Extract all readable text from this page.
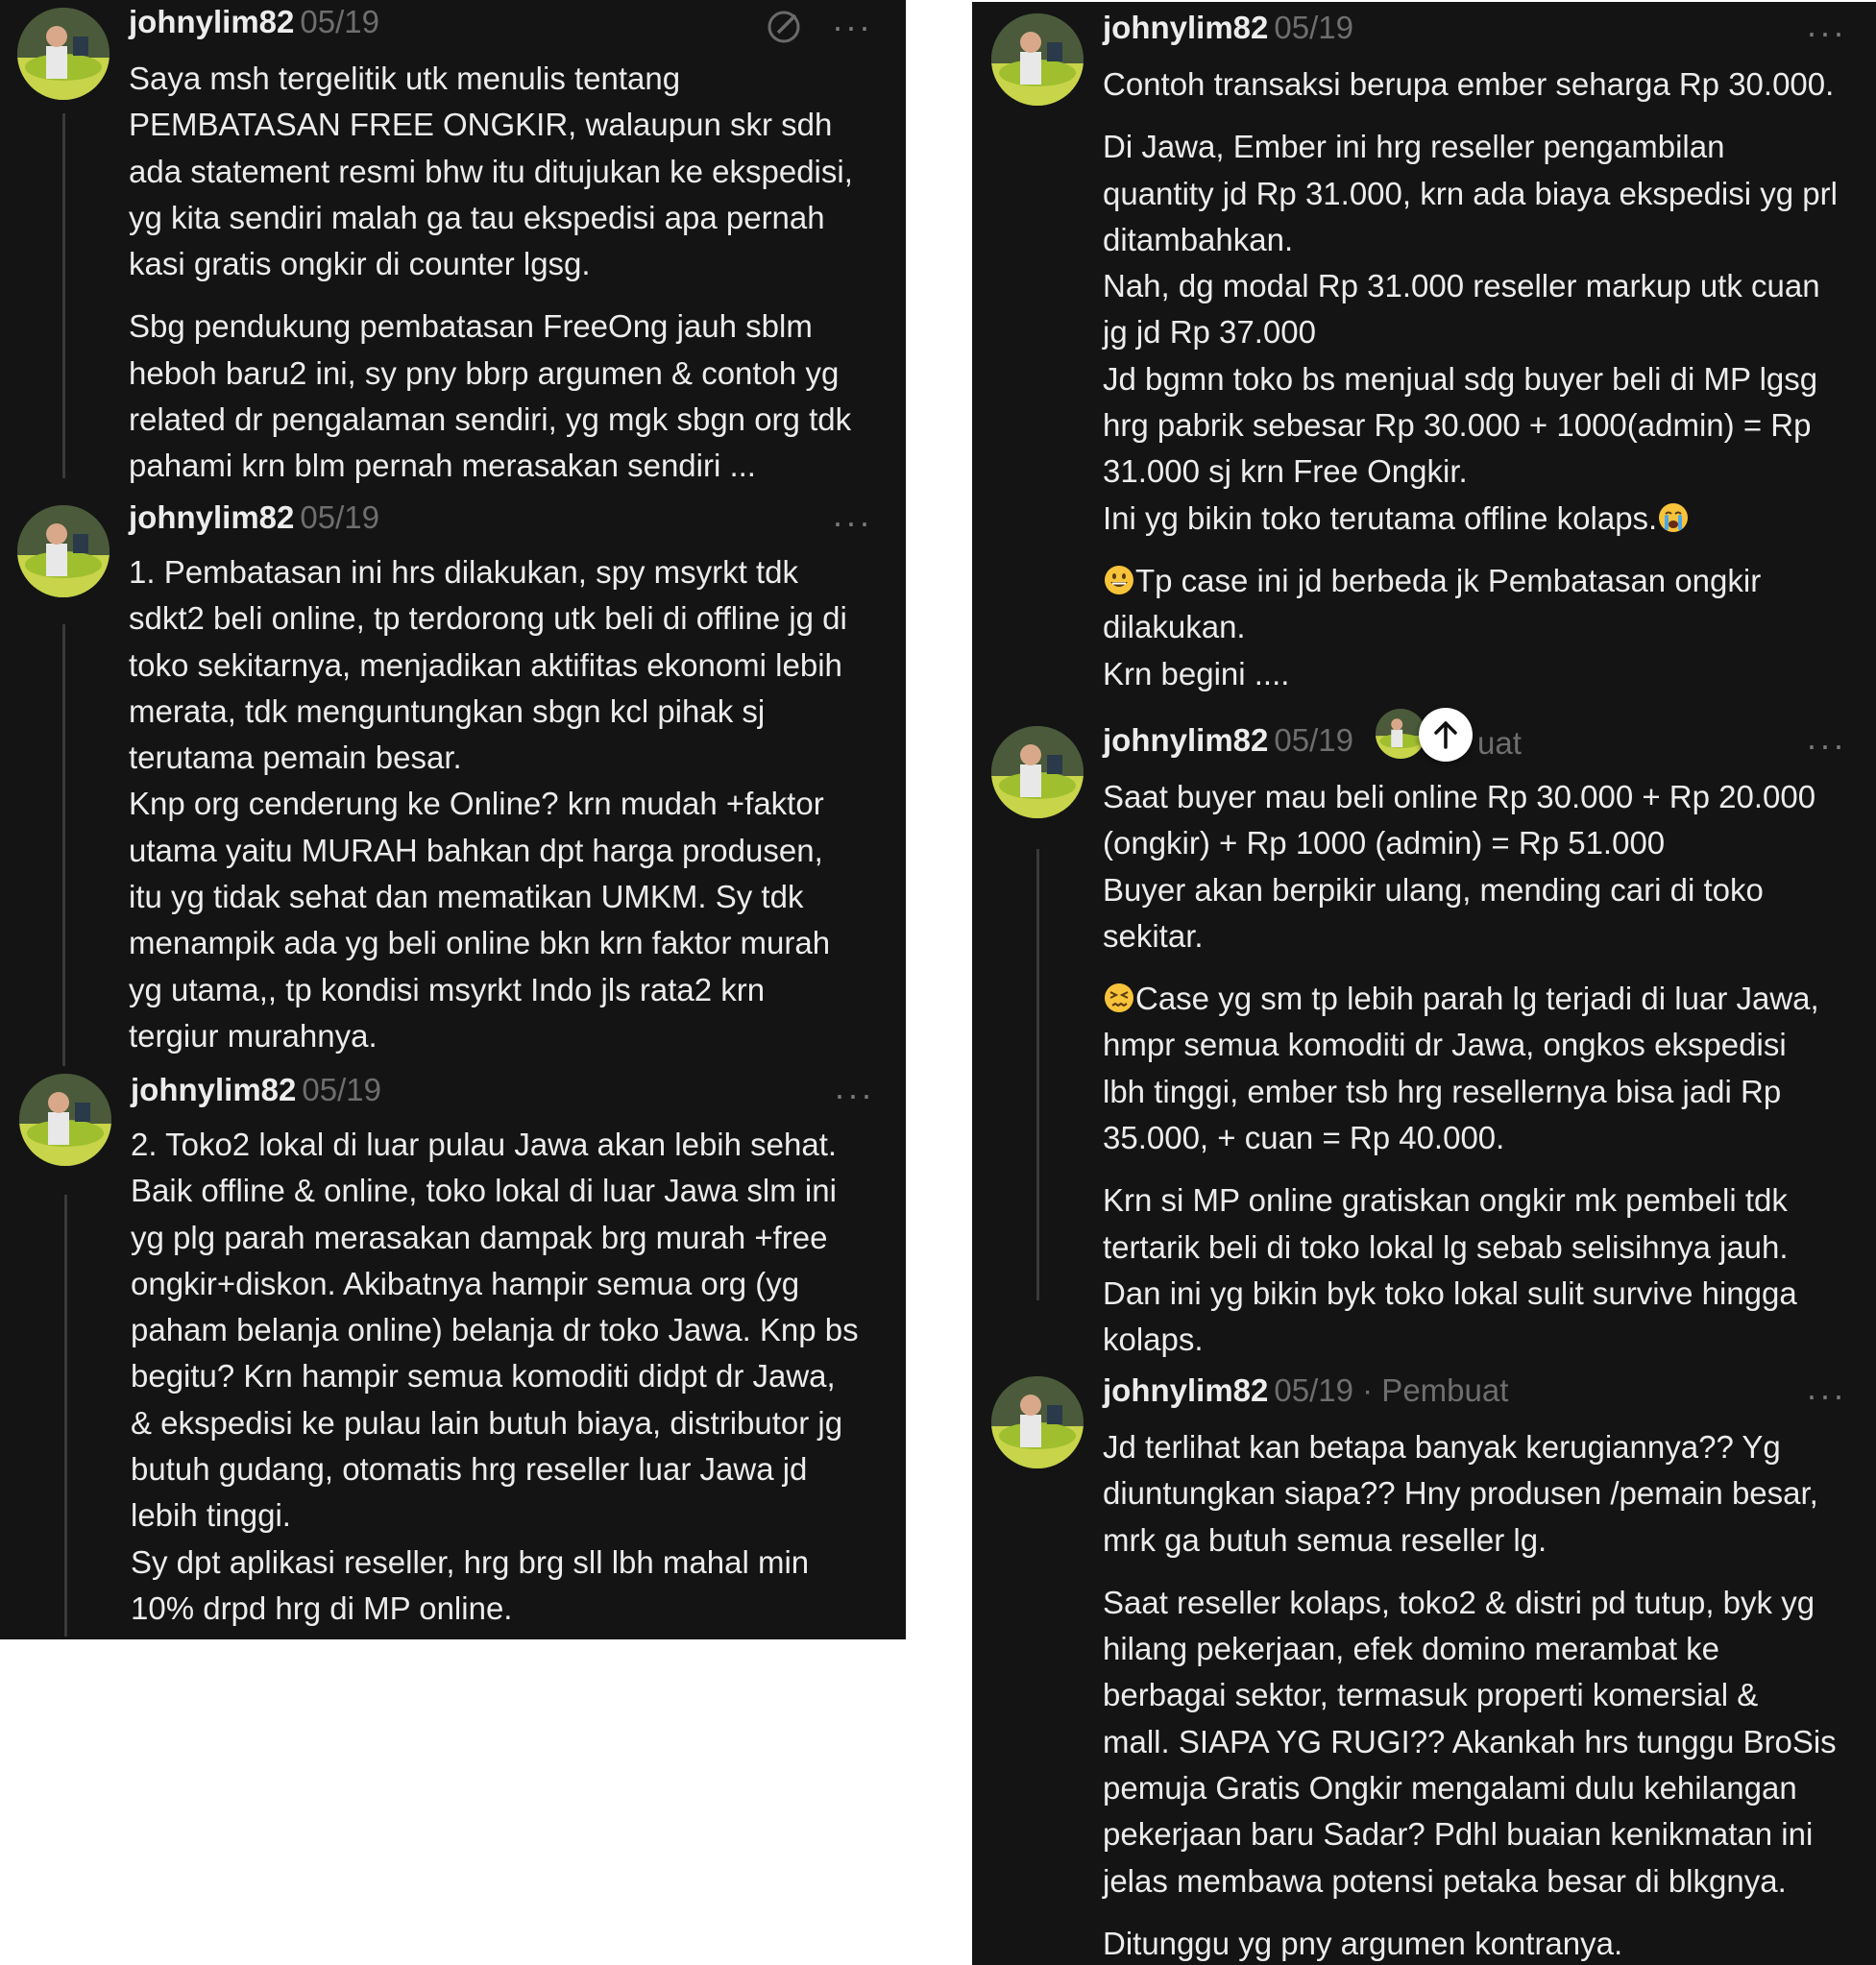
johnylim82 05/19	···

Saya msh tergelitik utk menulis tentang
PEMBATASAN FREE ONGKIR, walaupun skr sdh
ada statement resmi bhw itu ditujukan ke ekspedisi,
yg kita sendiri malah ga tau ekspedisi apa pernah
kasi gratis ongkir di counter lgsg.

Sbg pendukung pembatasan FreeOng jauh sblm
heboh baru2 ini, sy pny bbrp argumen & contoh yg
related dr pengalaman sendiri, yg mgk sbgn org tdk
pahami krn blm pernah merasakan sendiri ...

johnylim82 05/19	···

1. Pembatasan ini hrs dilakukan, spy msyrkt tdk
sdkt2 beli online, tp terdorong utk beli di offline jg di
toko sekitarnya, menjadikan aktifitas ekonomi lebih
merata, tdk menguntungkan sbgn kcl pihak sj
terutama pemain besar.
Knp org cenderung ke Online? krn mudah +faktor
utama yaitu MURAH bahkan dpt harga produsen,
itu yg tidak sehat dan mematikan UMKM. Sy tdk
menampik ada yg beli online bkn krn faktor murah
yg utama,, tp kondisi msyrkt Indo jls rata2 krn
tergiur murahnya.

johnylim82 05/19	···

2. Toko2 lokal di luar pulau Jawa akan lebih sehat.
Baik offline & online, toko lokal di luar Jawa slm ini
yg plg parah merasakan dampak brg murah +free
ongkir+diskon. Akibatnya hampir semua org (yg
paham belanja online) belanja dr toko Jawa. Knp bs
begitu? Krn hampir semua komoditi didpt dr Jawa,
& ekspedisi ke pulau lain butuh biaya, distributor jg
butuh gudang, otomatis hrg reseller luar Jawa jd
lebih tinggi.
Sy dpt aplikasi reseller, hrg brg sll lbh mahal min
10% drpd hrg di MP online.

johnylim82 05/19	···

Contoh transaksi berupa ember seharga Rp 30.000.

Di Jawa, Ember ini hrg reseller pengambilan
quantity jd Rp 31.000, krn ada biaya ekspedisi yg prl
ditambahkan.
Nah, dg modal Rp 31.000 reseller markup utk cuan
jg jd Rp 37.000
Jd bgmn toko bs menjual sdg buyer beli di MP lgsg
hrg pabrik sebesar Rp 30.000 + 1000(admin) = Rp
31.000 sj krn Free Ongkir.
Ini yg bikin toko terutama offline kolaps.

Tp case ini jd berbeda jk Pembatasan ongkir
dilakukan.
Krn begini ....

johnylim82 05/19	···

Saat buyer mau beli online Rp 30.000 + Rp 20.000
(ongkir) + Rp 1000 (admin) = Rp 51.000
Buyer akan berpikir ulang, mending cari di toko
sekitar.

Case yg sm tp lebih parah lg terjadi di luar Jawa,
hmpr semua komoditi dr Jawa, ongkos ekspedisi
lbh tinggi, ember tsb hrg resellernya bisa jadi Rp
35.000, + cuan = Rp 40.000.

Krn si MP online gratiskan ongkir mk pembeli tdk
tertarik beli di toko lokal lg sebab selisihnya jauh.
Dan ini yg bikin byk toko lokal sulit survive hingga
kolaps.

johnylim82 05/19 · Pembuat	···

Jd terlihat kan betapa banyak kerugiannya?? Yg
diuntungkan siapa?? Hny produsen /pemain besar,
mrk ga butuh semua reseller lg.

Saat reseller kolaps, toko2 & distri pd tutup, byk yg
hilang pekerjaan, efek domino merambat ke
berbagai sektor, termasuk properti komersial &
mall. SIAPA YG RUGI?? Akankah hrs tunggu BroSis
pemuja Gratis Ongkir mengalami dulu kehilangan
pekerjaan baru Sadar? Pdhl buaian kenikmatan ini
jelas membawa potensi petaka besar di blkgnya.

Ditunggu yg pny argumen kontranya.

uat
